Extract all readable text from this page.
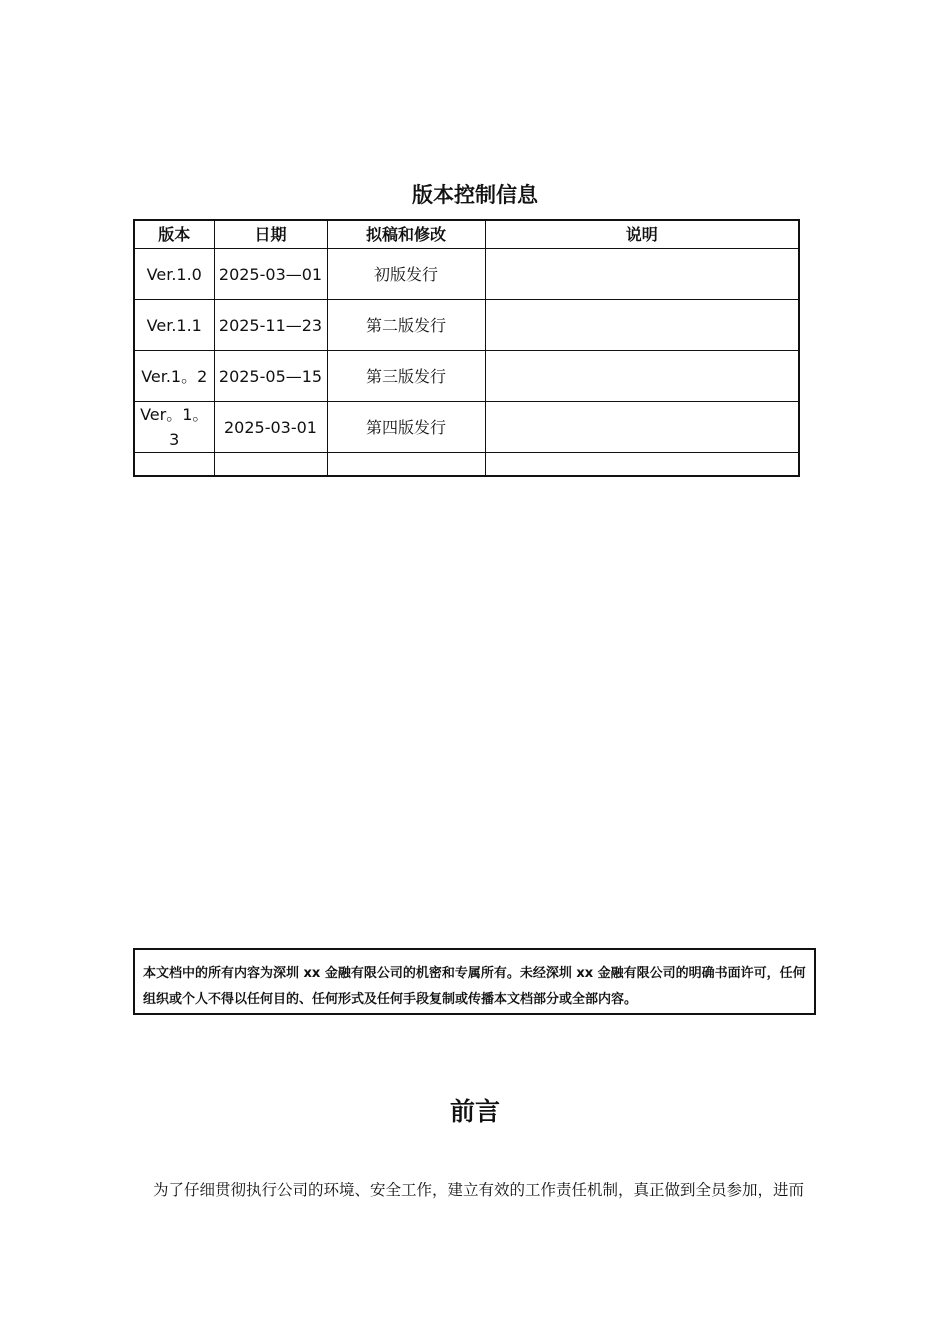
版本控制信息
版本	日期	拟稿和修改	说明
Ver.1.0	2025-03—01	初版发行	
Ver.1.1	2025-11—23	第二版发行	
Ver.1。2	2025-05—15	第三版发行	
Ver。1。3	2025-03-01	第四版发行	

本文档中的所有内容为深圳 xx 金融有限公司的机密和专属所有。未经深圳 xx 金融有限公司的明确书面许可，任何组织或个人不得以任何目的、任何形式及任何手段复制或传播本文档部分或全部内容。
前言
为了仔细贯彻执行公司的环境、安全工作，建立有效的工作责任机制，真正做到全员参加，进而
